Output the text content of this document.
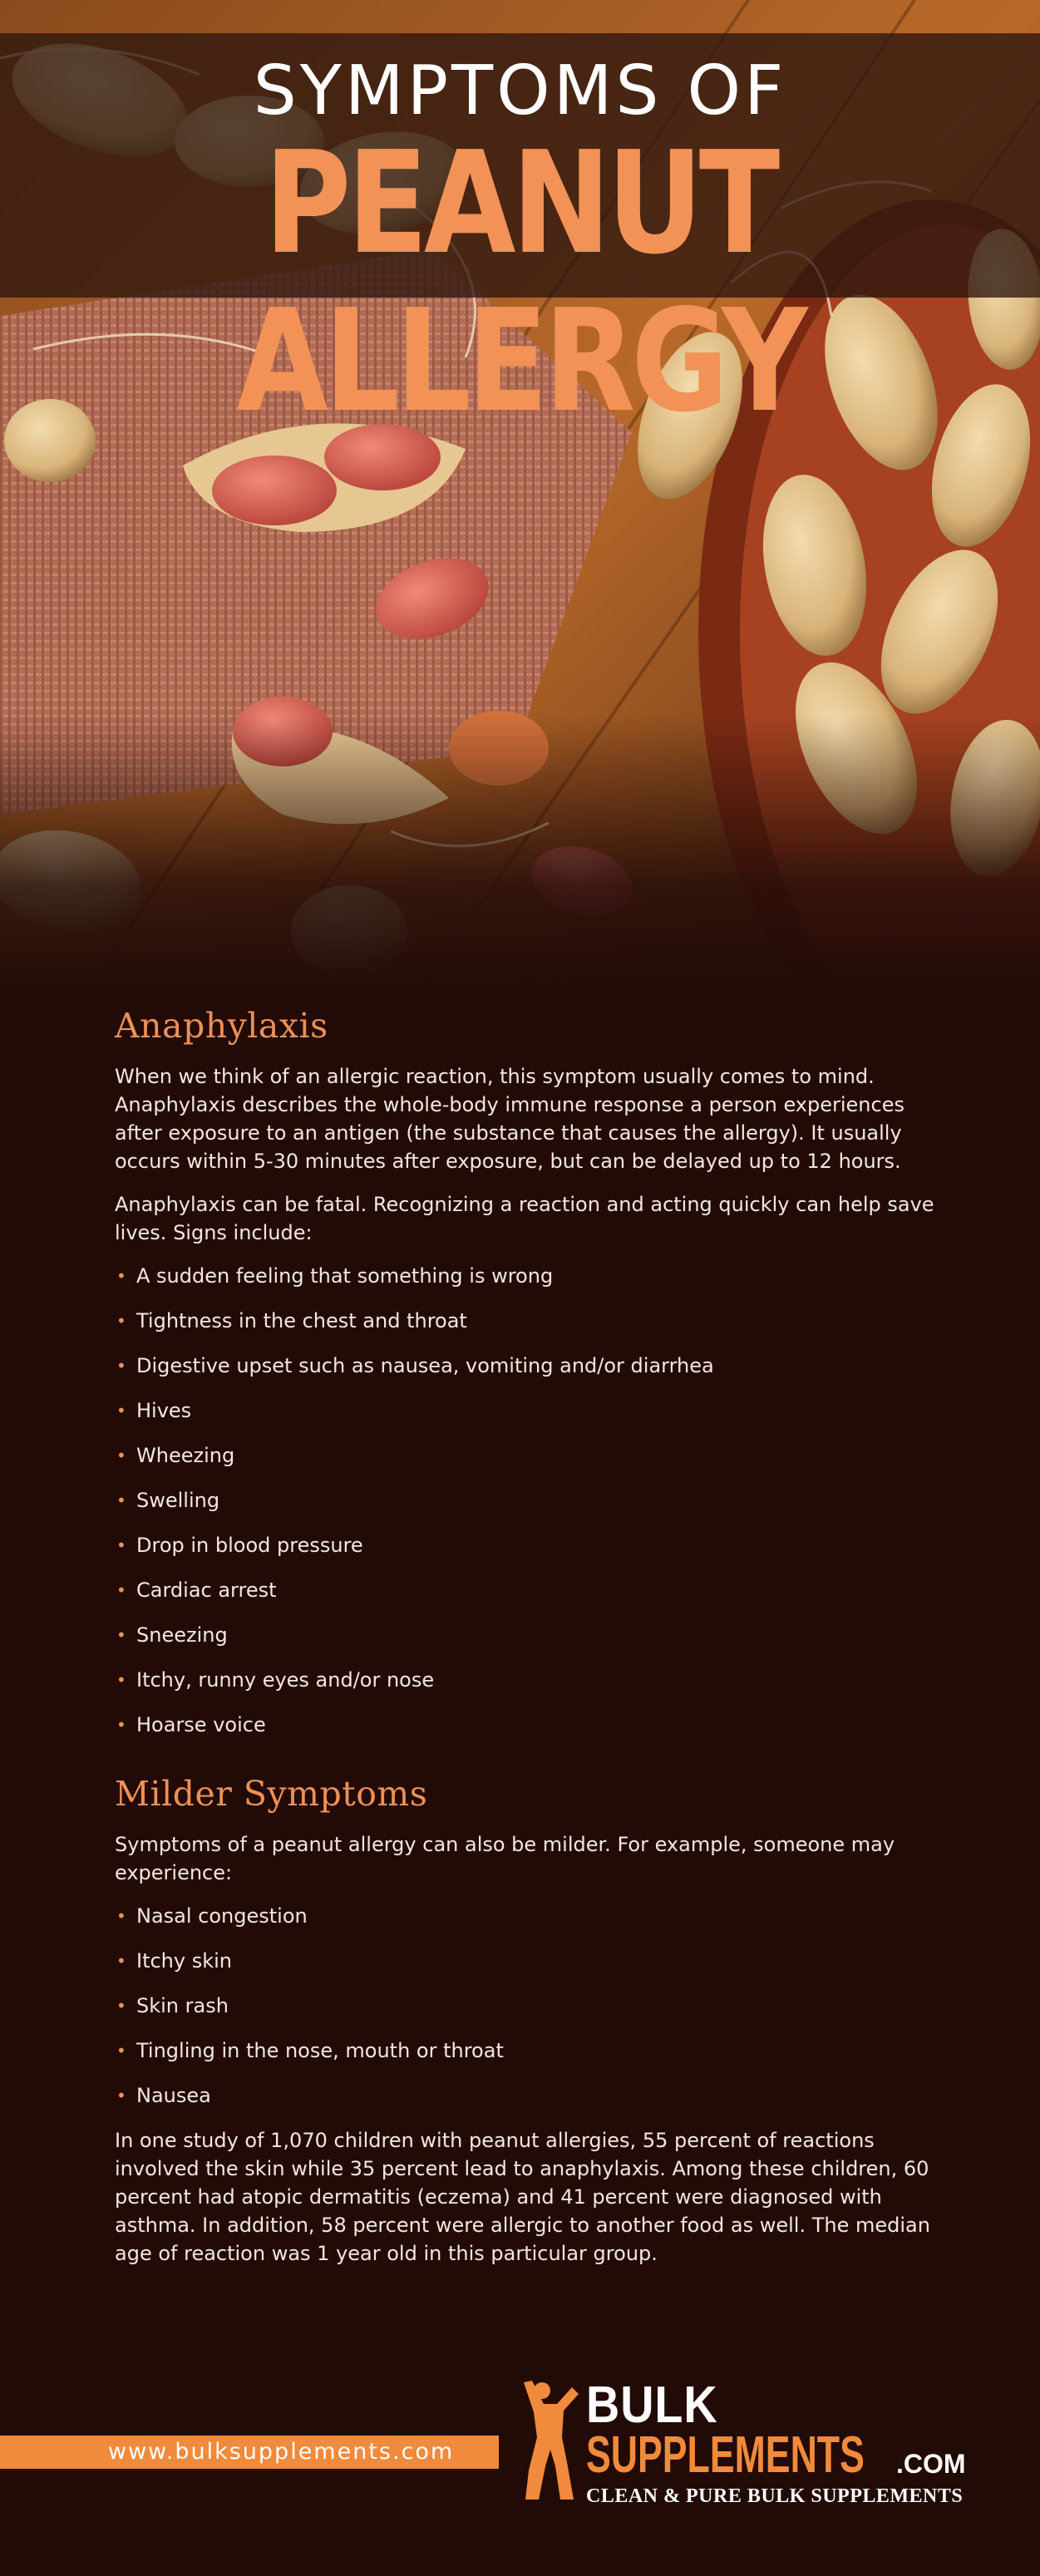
SYMPTOMS OF
PEANUT ALLERGY
Anaphylaxis

When we think of an allergic reaction, this symptom usually comes to mind. Anaphylaxis describes the whole-body immune response a person experiences after exposure to an antigen (the substance that causes the allergy). It usually occurs within 5-30 minutes after exposure, but can be delayed up to 12 hours.

Anaphylaxis can be fatal. Recognizing a reaction and acting quickly can help save lives. Signs include:

• A sudden feeling that something is wrong
• Tightness in the chest and throat
• Digestive upset such as nausea, vomiting and/or diarrhea
• Hives
• Wheezing
• Swelling
• Drop in blood pressure
• Cardiac arrest
• Sneezing
• Itchy, runny eyes and/or nose
• Hoarse voice
Milder Symptoms

Symptoms of a peanut allergy can also be milder. For example, someone may experience:

• Nasal congestion
• Itchy skin
• Skin rash
• Tingling in the nose, mouth or throat
• Nausea

In one study of 1,070 children with peanut allergies, 55 percent of reactions involved the skin while 35 percent lead to anaphylaxis. Among these children, 60 percent had atopic dermatitis (eczema) and 41 percent were diagnosed with asthma. In addition, 58 percent were allergic to another food as well. The median age of reaction was 1 year old in this particular group.

www.bulksupplements.com
BULK
SUPPLEMENTS .COM
CLEAN & PURE BULK SUPPLEMENTS
